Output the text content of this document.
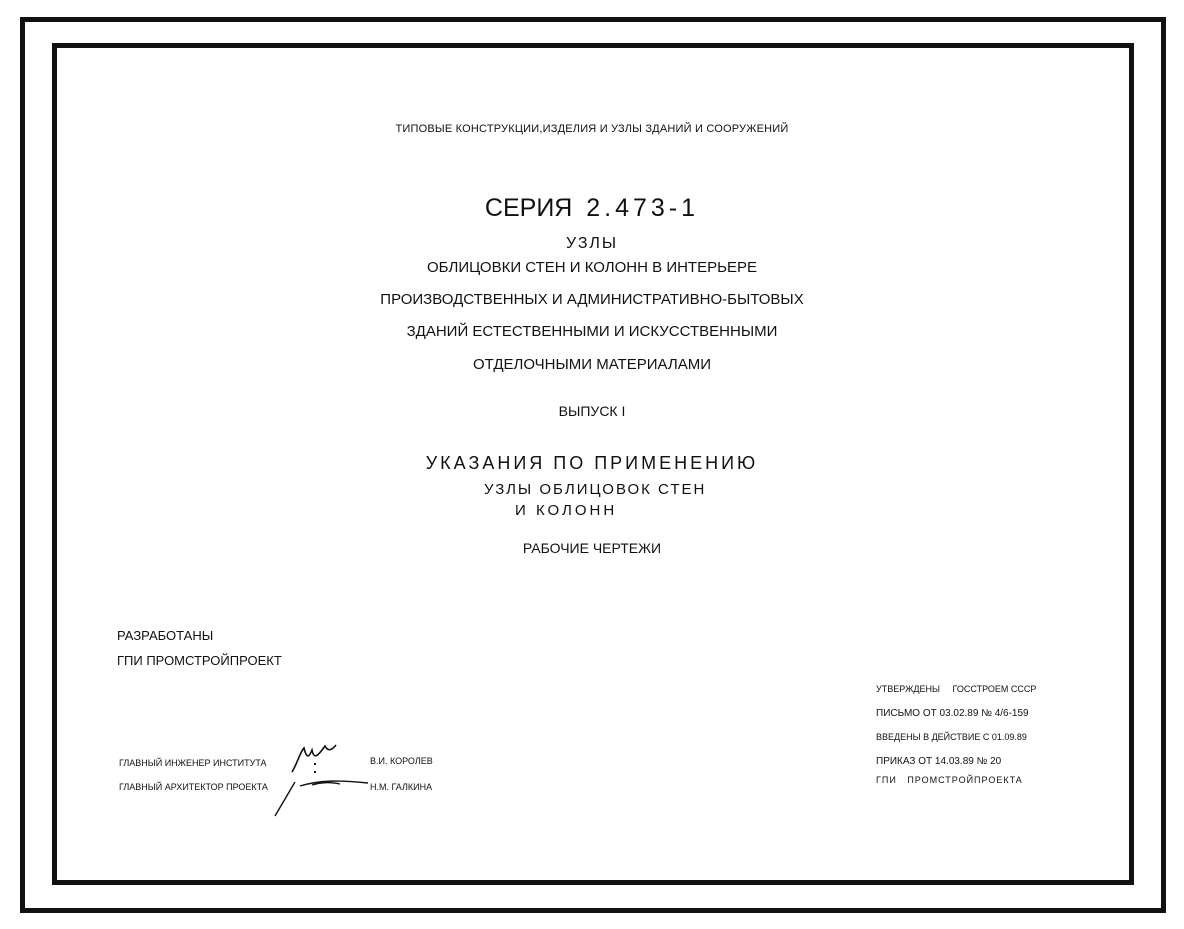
ТИПОВЫЕ КОНСТРУКЦИИ,ИЗДЕЛИЯ И УЗЛЫ ЗДАНИЙ И СООРУЖЕНИЙ
СЕРИЯ 2.473-1
УЗЛЫ
ОБЛИЦОВКИ СТЕН И КОЛОНН В ИНТЕРЬЕРЕ
ПРОИЗВОДСТВЕННЫХ И АДМИНИСТРАТИВНО-БЫТОВЫХ
ЗДАНИЙ ЕСТЕСТВЕННЫМИ И ИСКУССТВЕННЫМИ
ОТДЕЛОЧНЫМИ МАТЕРИАЛАМИ
ВЫПУСК I
УКАЗАНИЯ ПО ПРИМЕНЕНИЮ
УЗЛЫ ОБЛИЦОВОК СТЕН
И КОЛОНН
РАБОЧИЕ ЧЕРТЕЖИ
РАЗРАБОТАНЫ
ГПИ ПРОМСТРОЙПРОЕКТ
ГЛАВНЫЙ ИНЖЕНЕР ИНСТИТУТА	В.И. КОРОЛЕВ
ГЛАВНЫЙ АРХИТЕКТОР ПРОЕКТА	Н.М. ГАЛКИНА
УТВЕРЖДЕНЫ     ГОССТРОЕМ СССР
ПИСЬМО ОТ 03.02.89 № 4/6-159
ВВЕДЕНЫ В ДЕЙСТВИЕ С 01.09.89
ПРИКАЗ ОТ 14.03.89 № 20
ГПИ   ПРОМСТРОЙПРОЕКТА
